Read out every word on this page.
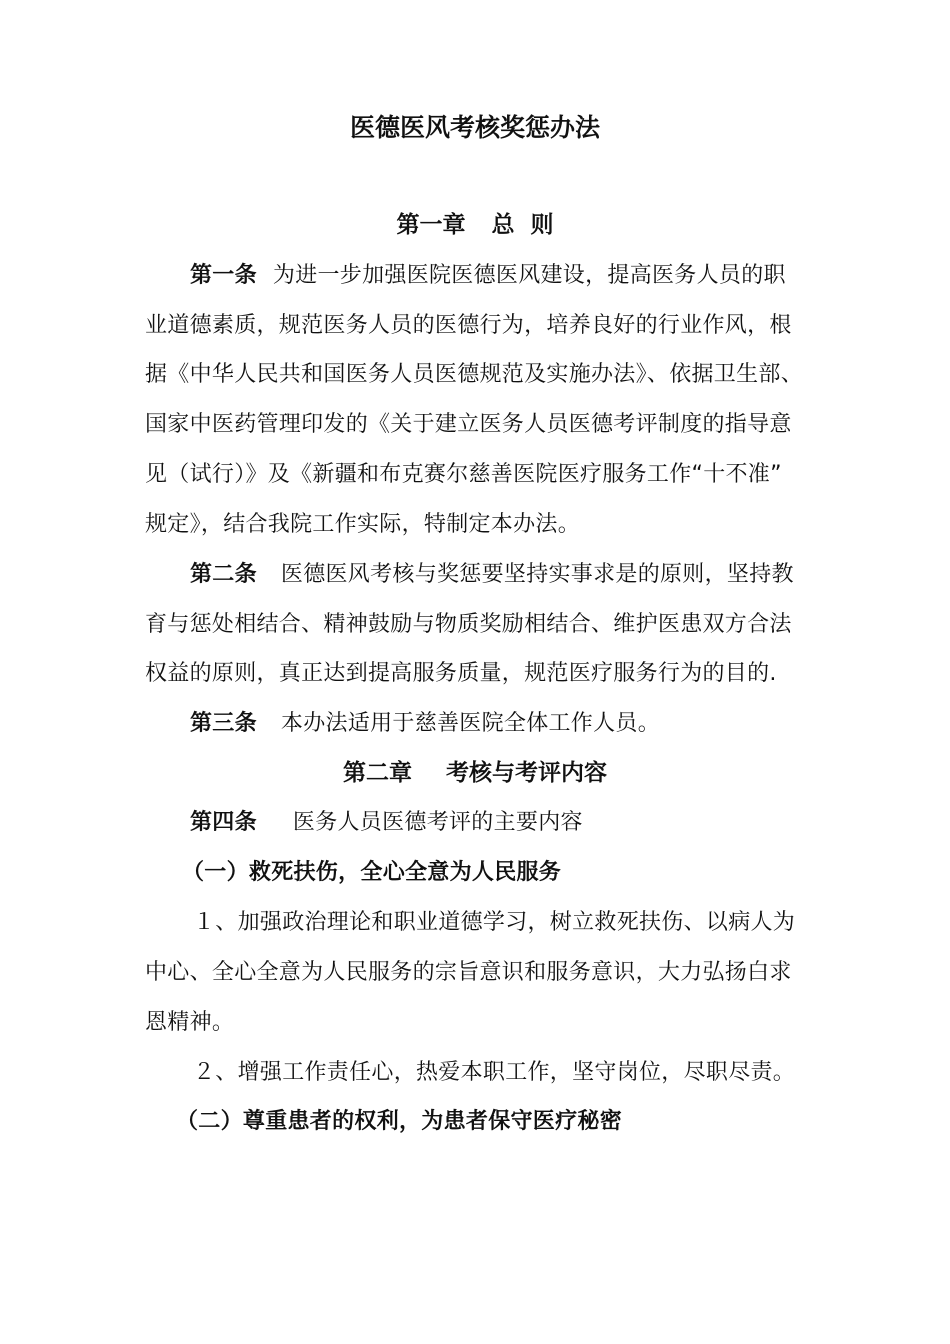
医德医风考核奖惩办法
第一章 总  则
第一条 为进一步加强医院医德医风建设，提高医务人员的职
业道德素质，规范医务人员的医德行为，培养良好的行业作风，根
据《中华人民共和国医务人员医德规范及实施办法》、依据卫生部、
国家中医药管理印发的《关于建立医务人员医德考评制度的指导意
见（试行）》及《新疆和布克赛尔慈善医院医疗服务工作“十不准”
规定》，结合我院工作实际，特制定本办法。
第二条 医德医风考核与奖惩要坚持实事求是的原则，坚持教
育与惩处相结合、精神鼓励与物质奖励相结合、维护医患双方合法
权益的原则，真正达到提高服务质量，规范医疗服务行为的目的.
第三条 本办法适用于慈善医院全体工作人员。
第二章 考核与考评内容
第四条 医务人员医德考评的主要内容
（一）救死扶伤，全心全意为人民服务
１、加强政治理论和职业道德学习，树立救死扶伤、以病人为
中心、全心全意为人民服务的宗旨意识和服务意识，大力弘扬白求
恩精神。
２、增强工作责任心，热爱本职工作，坚守岗位，尽职尽责。
（二）尊重患者的权利，为患者保守医疗秘密
